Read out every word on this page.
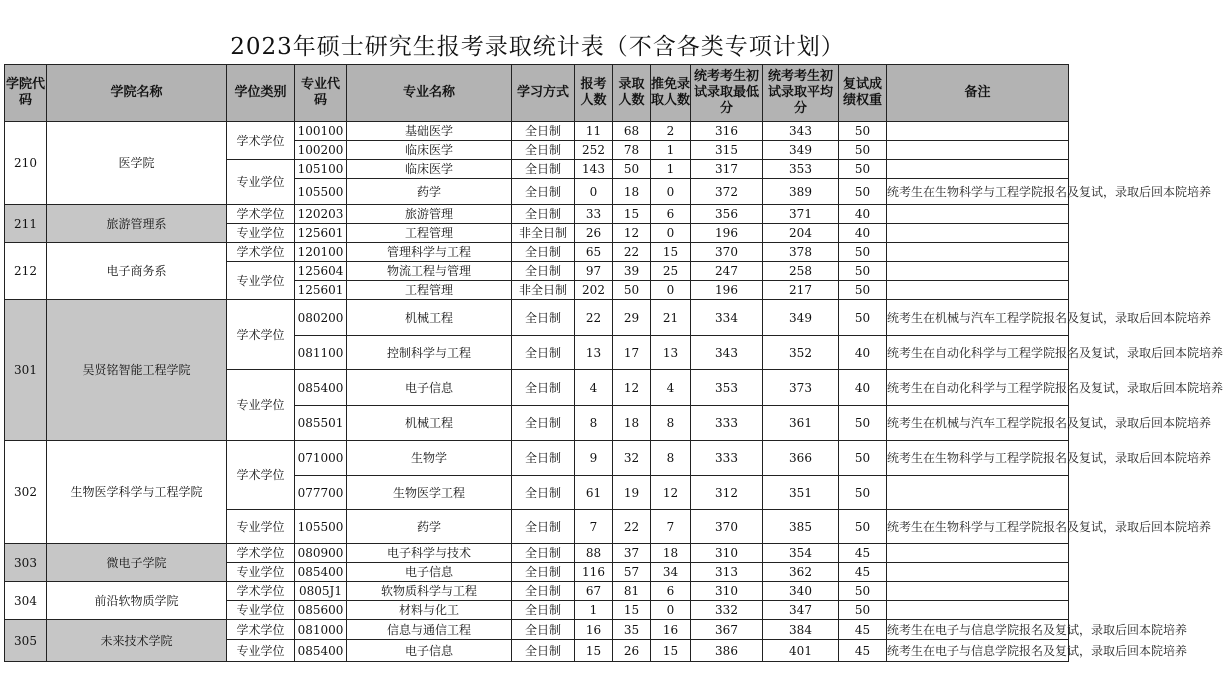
2023年硕士研究生报考录取统计表（不含各类专项计划）
学院代码	学院名称	学位类别	专业代码	专业名称	学习方式	报考人数	录取人数	推免录取人数	统考考生初试录取最低分	统考考生初试录取平均分	复试成绩权重	备注
210	医学院	学术学位	100100	基础医学	全日制	11	68	2	316	343	50	
			100200	临床医学	全日制	252	78	1	315	349	50	
		专业学位	105100	临床医学	全日制	143	50	1	317	353	50	
			105500	药学	全日制	0	18	0	372	389	50	统考生在生物科学与工程学院报名及复试，录取后回本院培养
211	旅游管理系	学术学位	120203	旅游管理	全日制	33	15	6	356	371	40	
		专业学位	125601	工程管理	非全日制	26	12	0	196	204	40	
212	电子商务系	学术学位	120100	管理科学与工程	全日制	65	22	15	370	378	50	
		专业学位	125604	物流工程与管理	全日制	97	39	25	247	258	50	
			125601	工程管理	非全日制	202	50	0	196	217	50	
301	吴贤铭智能工程学院	学术学位	080200	机械工程	全日制	22	29	21	334	349	50	统考生在机械与汽车工程学院报名及复试，录取后回本院培养
			081100	控制科学与工程	全日制	13	17	13	343	352	40	统考生在自动化科学与工程学院报名及复试，录取后回本院培养
		专业学位	085400	电子信息	全日制	4	12	4	353	373	40	统考生在自动化科学与工程学院报名及复试，录取后回本院培养
			085501	机械工程	全日制	8	18	8	333	361	50	统考生在机械与汽车工程学院报名及复试，录取后回本院培养
302	生物医学科学与工程学院	学术学位	071000	生物学	全日制	9	32	8	333	366	50	统考生在生物科学与工程学院报名及复试，录取后回本院培养
			077700	生物医学工程	全日制	61	19	12	312	351	50	
		专业学位	105500	药学	全日制	7	22	7	370	385	50	统考生在生物科学与工程学院报名及复试，录取后回本院培养
303	微电子学院	学术学位	080900	电子科学与技术	全日制	88	37	18	310	354	45	
		专业学位	085400	电子信息	全日制	116	57	34	313	362	45	
304	前沿软物质学院	学术学位	0805J1	软物质科学与工程	全日制	67	81	6	310	340	50	
		专业学位	085600	材料与化工	全日制	1	15	0	332	347	50	
305	未来技术学院	学术学位	081000	信息与通信工程	全日制	16	35	16	367	384	45	统考生在电子与信息学院报名及复试，录取后回本院培养
		专业学位	085400	电子信息	全日制	15	26	15	386	401	45	统考生在电子与信息学院报名及复试，录取后回本院培养
